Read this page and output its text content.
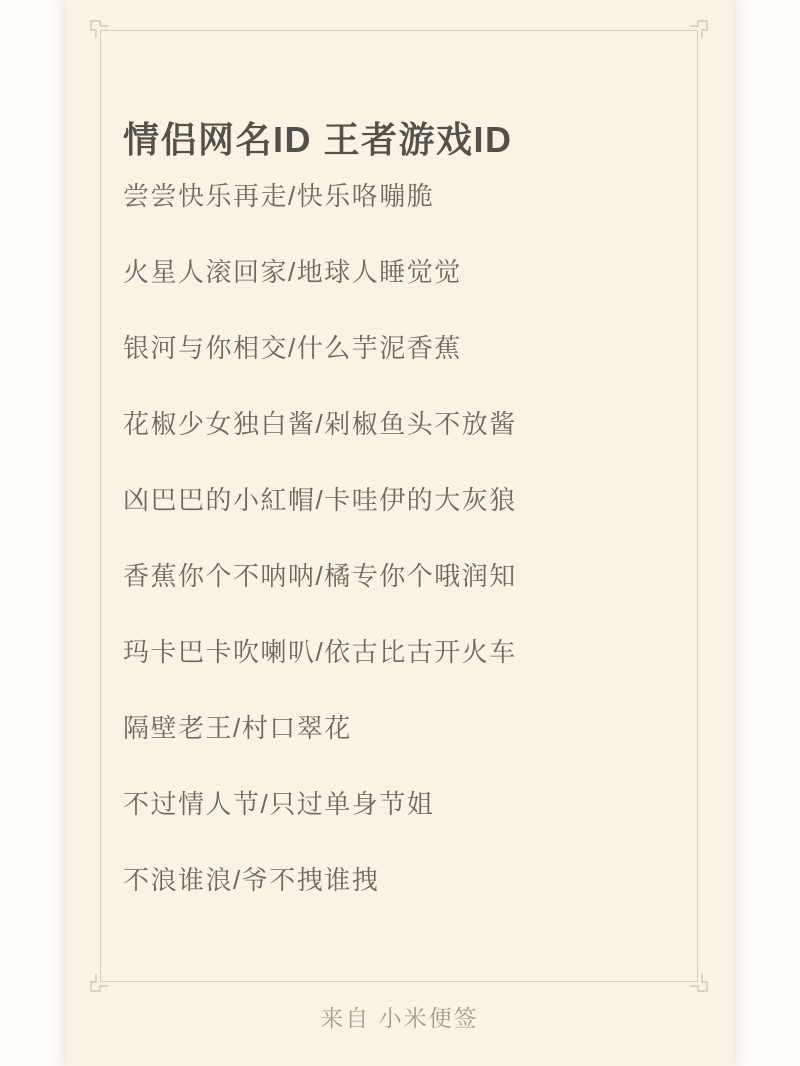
情侣网名ID 王者游戏ID
尝尝快乐再走/快乐咯嘣脆
火星人滚回家/地球人睡觉觉
银河与你相交/什么芋泥香蕉
花椒少女独白酱/剁椒鱼头不放酱
凶巴巴的小紅帽/卡哇伊的大灰狼
香蕉你个不呐呐/橘专你个哦润知
玛卡巴卡吹喇叭/依古比古开火车
隔壁老王/村口翠花
不过情人节/只过单身节姐
不浪谁浪/爷不拽谁拽
来自 小米便签
